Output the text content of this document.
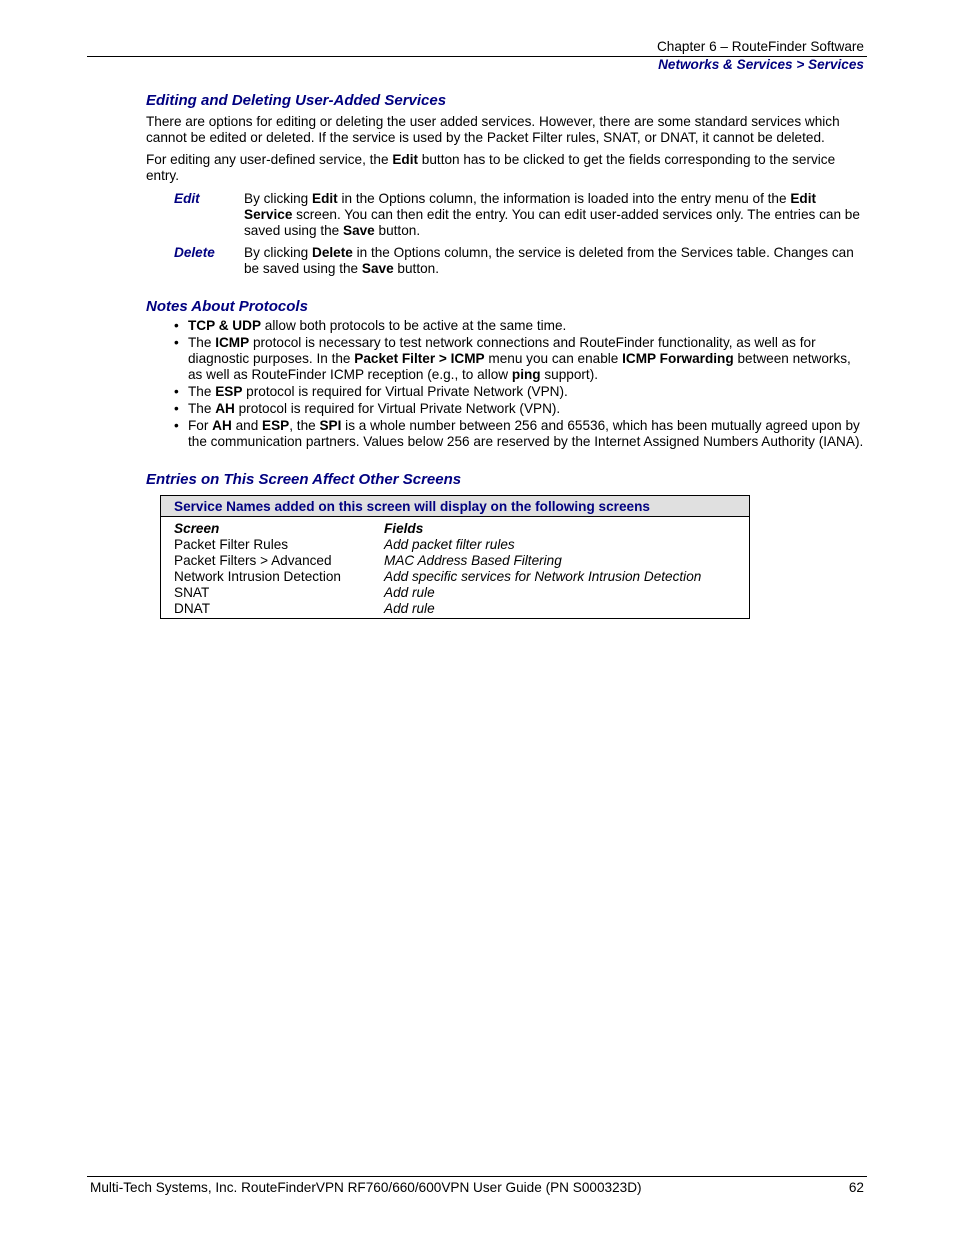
Chapter 6 – RouteFinder Software
Networks & Services > Services
Editing and Deleting User-Added Services

There are options for editing or deleting the user added services. However, there are some standard services which cannot be edited or deleted. If the service is used by the Packet Filter rules, SNAT, or DNAT, it cannot be deleted.

For editing any user-defined service, the Edit button has to be clicked to get the fields corresponding to the service entry.

Edit	By clicking Edit in the Options column, the information is loaded into the entry menu of the Edit Service screen. You can then edit the entry. You can edit user-added services only. The entries can be saved using the Save button.
Delete	By clicking Delete in the Options column, the service is deleted from the Services table. Changes can be saved using the Save button.
Notes About Protocols
• TCP & UDP allow both protocols to be active at the same time.
• The ICMP protocol is necessary to test network connections and RouteFinder functionality, as well as for diagnostic purposes. In the Packet Filter > ICMP menu you can enable ICMP Forwarding between networks, as well as RouteFinder ICMP reception (e.g., to allow ping support).
• The ESP protocol is required for Virtual Private Network (VPN).
• The AH protocol is required for Virtual Private Network (VPN).
• For AH and ESP, the SPI is a whole number between 256 and 65536, which has been mutually agreed upon by the communication partners. Values below 256 are reserved by the Internet Assigned Numbers Authority (IANA).
Entries on This Screen Affect Other Screens
Service Names added on this screen will display on the following screens
Screen	Fields
Packet Filter Rules	Add packet filter rules
Packet Filters > Advanced	MAC Address Based Filtering
Network Intrusion Detection	Add specific services for Network Intrusion Detection
SNAT	Add rule
DNAT	Add rule
Multi-Tech Systems, Inc. RouteFinderVPN RF760/660/600VPN User Guide (PN S000323D)	62
